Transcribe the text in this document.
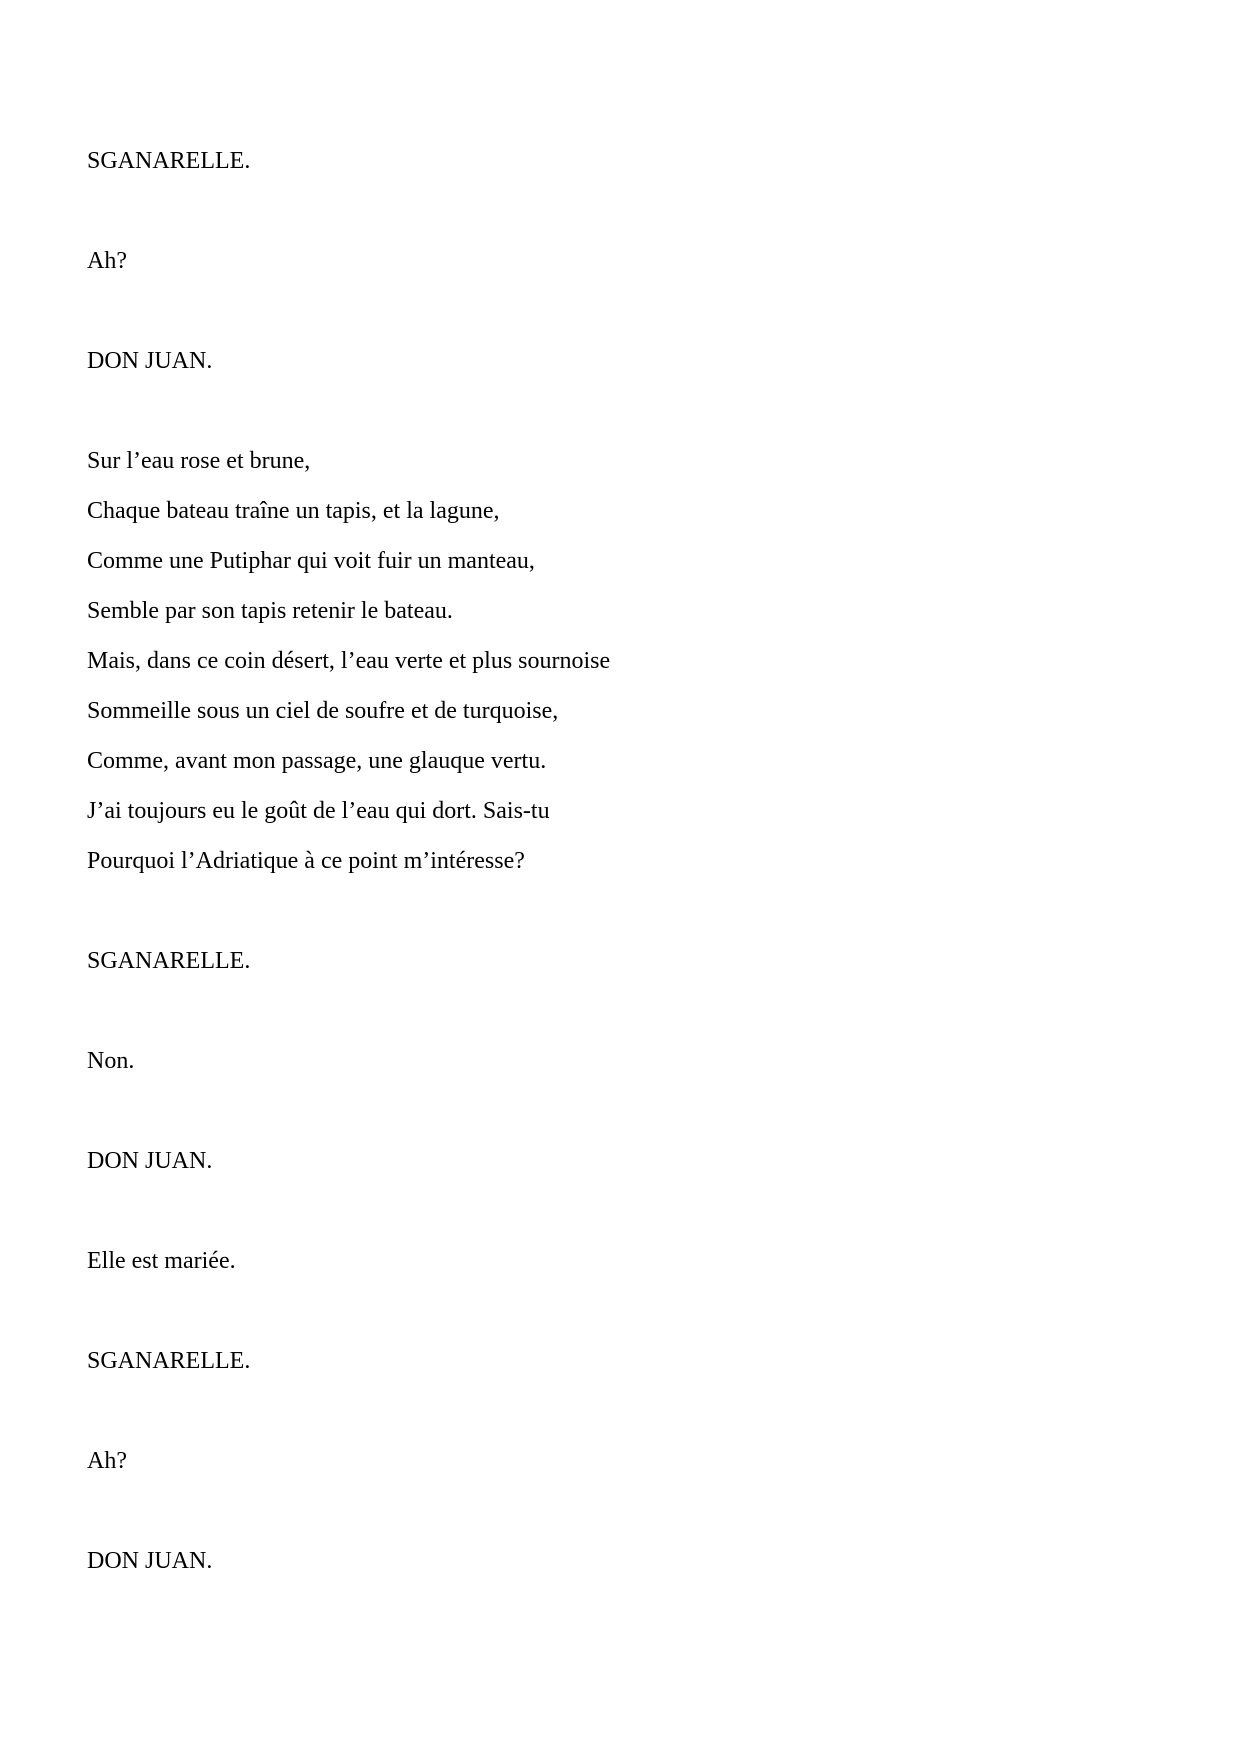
SGANARELLE.

Ah?

DON JUAN.

Sur l’eau rose et brune,

Chaque bateau traîne un tapis, et la lagune,

Comme une Putiphar qui voit fuir un manteau,

Semble par son tapis retenir le bateau.

Mais, dans ce coin désert, l’eau verte et plus sournoise

Sommeille sous un ciel de soufre et de turquoise,

Comme, avant mon passage, une glauque vertu.

J’ai toujours eu le goût de l’eau qui dort. Sais-tu

Pourquoi l’Adriatique à ce point m’intéresse?

SGANARELLE.

Non.

DON JUAN.

Elle est mariée.

SGANARELLE.

Ah?

DON JUAN.
